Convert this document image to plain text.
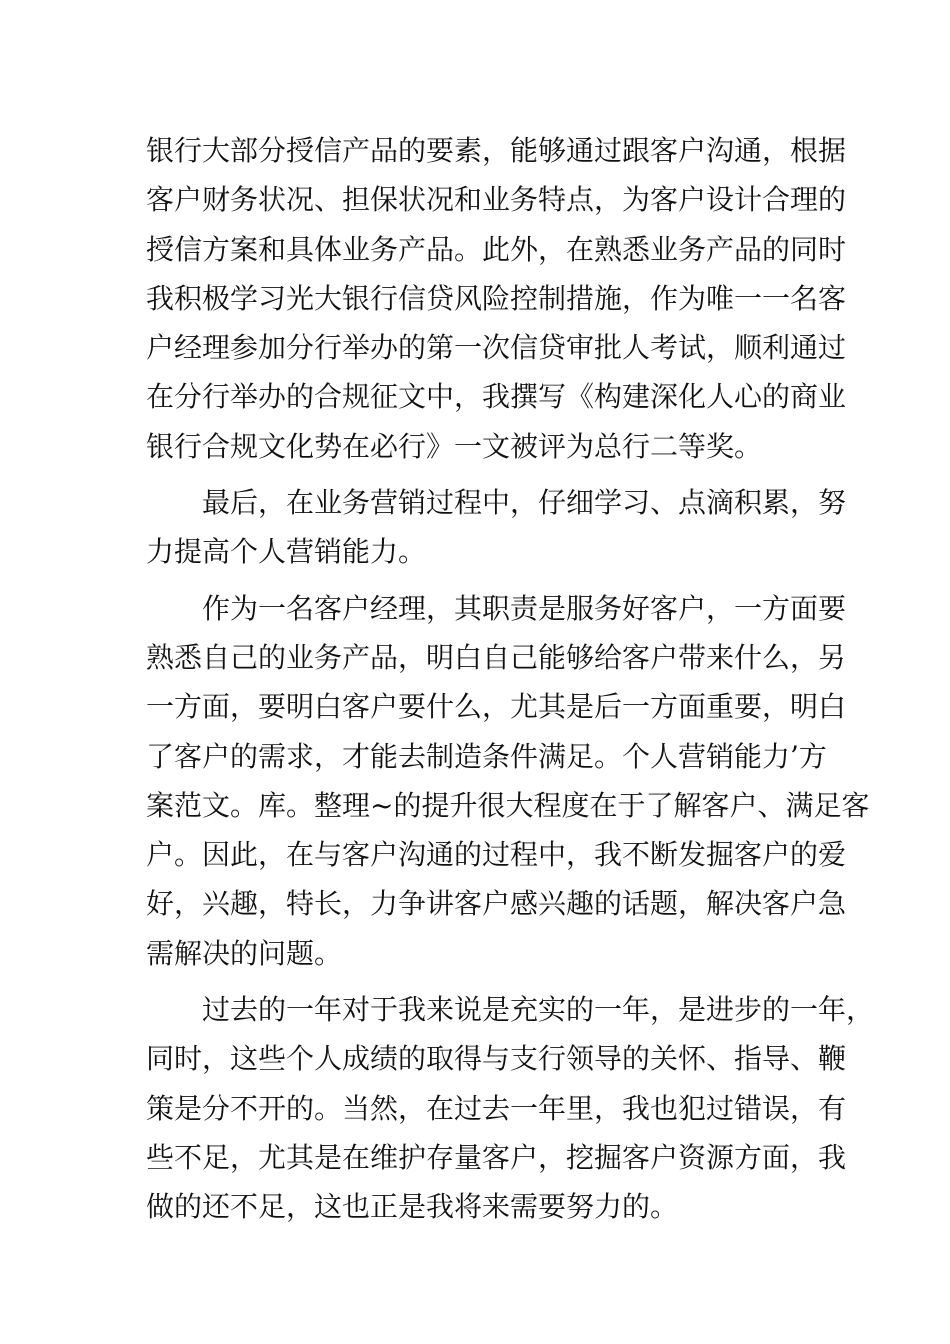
银行大部分授信产品的要素，能够通过跟客户沟通，根据
客户财务状况、担保状况和业务特点，为客户设计合理的
授信方案和具体业务产品。此外，在熟悉业务产品的同时
我积极学习光大银行信贷风险控制措施，作为唯一一名客
户经理参加分行举办的第一次信贷审批人考试，顺利通过
在分行举办的合规征文中，我撰写《构建深化人心的商业
银行合规文化势在必行》一文被评为总行二等奖。
　　最后，在业务营销过程中，仔细学习、点滴积累，努
力提高个人营销能力。
　　作为一名客户经理，其职责是服务好客户，一方面要
熟悉自己的业务产品，明白自己能够给客户带来什么，另
一方面，要明白客户要什么，尤其是后一方面重要，明白
了客户的需求，才能去制造条件满足。个人营销能力’方
案范文。库。整理~的提升很大程度在于了解客户、满足客
户。因此，在与客户沟通的过程中，我不断发掘客户的爱
好，兴趣，特长，力争讲客户感兴趣的话题，解决客户急
需解决的问题。
　　过去的一年对于我来说是充实的一年，是进步的一年，
同时，这些个人成绩的取得与支行领导的关怀、指导、鞭
策是分不开的。当然，在过去一年里，我也犯过错误，有
些不足，尤其是在维护存量客户，挖掘客户资源方面，我
做的还不足，这也正是我将来需要努力的。
